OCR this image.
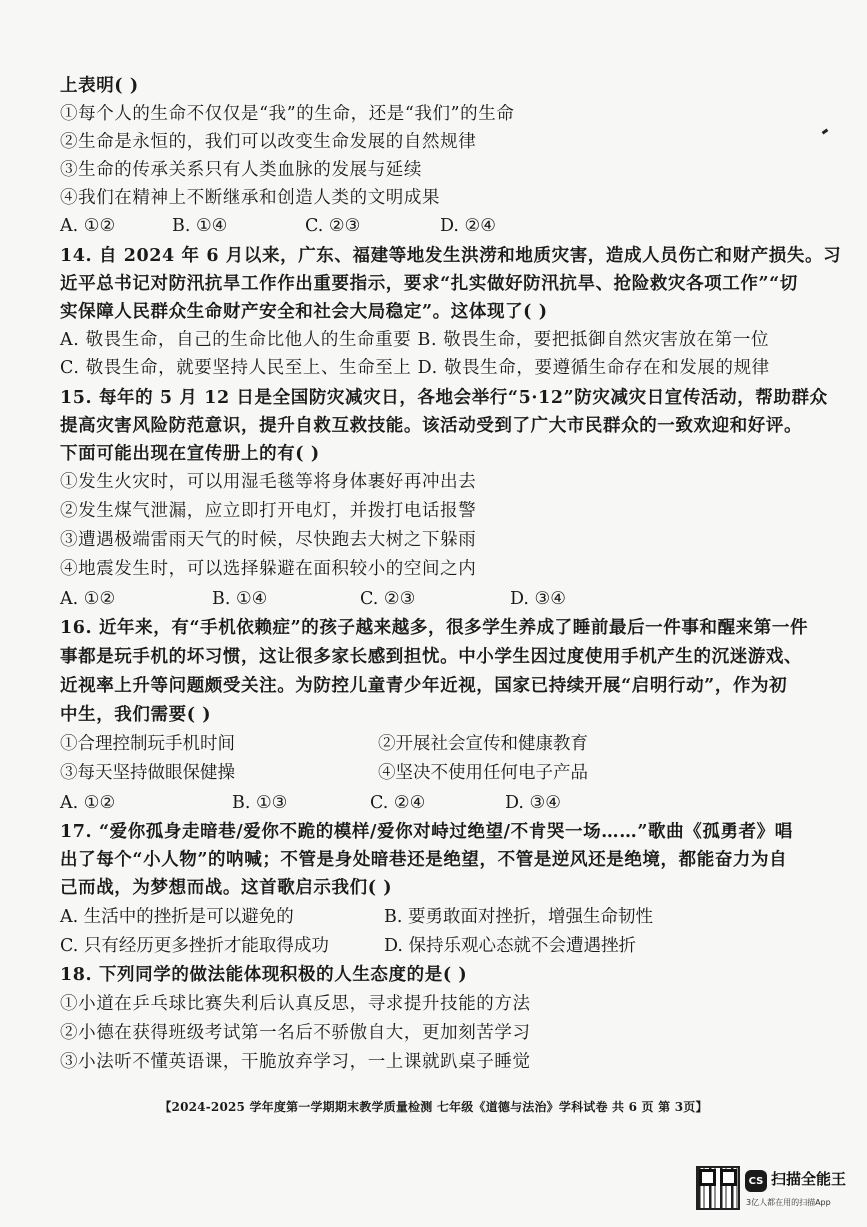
上表明( )
①每个人的生命不仅仅是“我”的生命，还是“我们”的生命
②生命是永恒的，我们可以改变生命发展的自然规律
③生命的传承关系只有人类血脉的发展与延续
④我们在精神上不断继承和创造人类的文明成果
A. ①②	B. ①④	C. ②③	D. ②④
14. 自 2024 年 6 月以来，广东、福建等地发生洪涝和地质灾害，造成人员伤亡和财产损失。习
近平总书记对防汛抗旱工作作出重要指示，要求“扎实做好防汛抗旱、抢险救灾各项工作”“切
实保障人民群众生命财产安全和社会大局稳定”。这体现了( )
A. 敬畏生命，自己的生命比他人的生命重要 B. 敬畏生命，要把抵御自然灾害放在第一位
C. 敬畏生命，就要坚持人民至上、生命至上 D. 敬畏生命，要遵循生命存在和发展的规律
15. 每年的 5 月 12 日是全国防灾减灾日，各地会举行“5·12”防灾减灾日宣传活动，帮助群众
提高灾害风险防范意识，提升自救互救技能。该活动受到了广大市民群众的一致欢迎和好评。
下面可能出现在宣传册上的有( )
①发生火灾时，可以用湿毛毯等将身体裹好再冲出去
②发生煤气泄漏，应立即打开电灯，并拨打电话报警
③遭遇极端雷雨天气的时候，尽快跑去大树之下躲雨
④地震发生时，可以选择躲避在面积较小的空间之内
A. ①②	B. ①④	C. ②③	D. ③④
16. 近年来，有“手机依赖症”的孩子越来越多，很多学生养成了睡前最后一件事和醒来第一件
事都是玩手机的坏习惯，这让很多家长感到担忧。中小学生因过度使用手机产生的沉迷游戏、
近视率上升等问题颇受关注。为防控儿童青少年近视，国家已持续开展“启明行动”，作为初
中生，我们需要( )
①合理控制玩手机时间	②开展社会宣传和健康教育
③每天坚持做眼保健操	④坚决不使用任何电子产品
A. ①②	B. ①③	C. ②④	D. ③④
17. “爱你孤身走暗巷/爱你不跪的模样/爱你对峙过绝望/不肯哭一场……”歌曲《孤勇者》唱
出了每个“小人物”的呐喊；不管是身处暗巷还是绝望，不管是逆风还是绝境，都能奋力为自
己而战，为梦想而战。这首歌启示我们( )
A. 生活中的挫折是可以避免的	B. 要勇敢面对挫折，增强生命韧性
C. 只有经历更多挫折才能取得成功	D. 保持乐观心态就不会遭遇挫折
18. 下列同学的做法能体现积极的人生态度的是( )
①小道在乒乓球比赛失利后认真反思，寻求提升技能的方法
②小德在获得班级考试第一名后不骄傲自大，更加刻苦学习
③小法听不懂英语课，干脆放弃学习，一上课就趴桌子睡觉
【2024-2025 学年度第一学期期末教学质量检测 七年级《道德与法治》学科试卷 共 6 页 第 3页】
CS 扫描全能王
3亿人都在用的扫描App
